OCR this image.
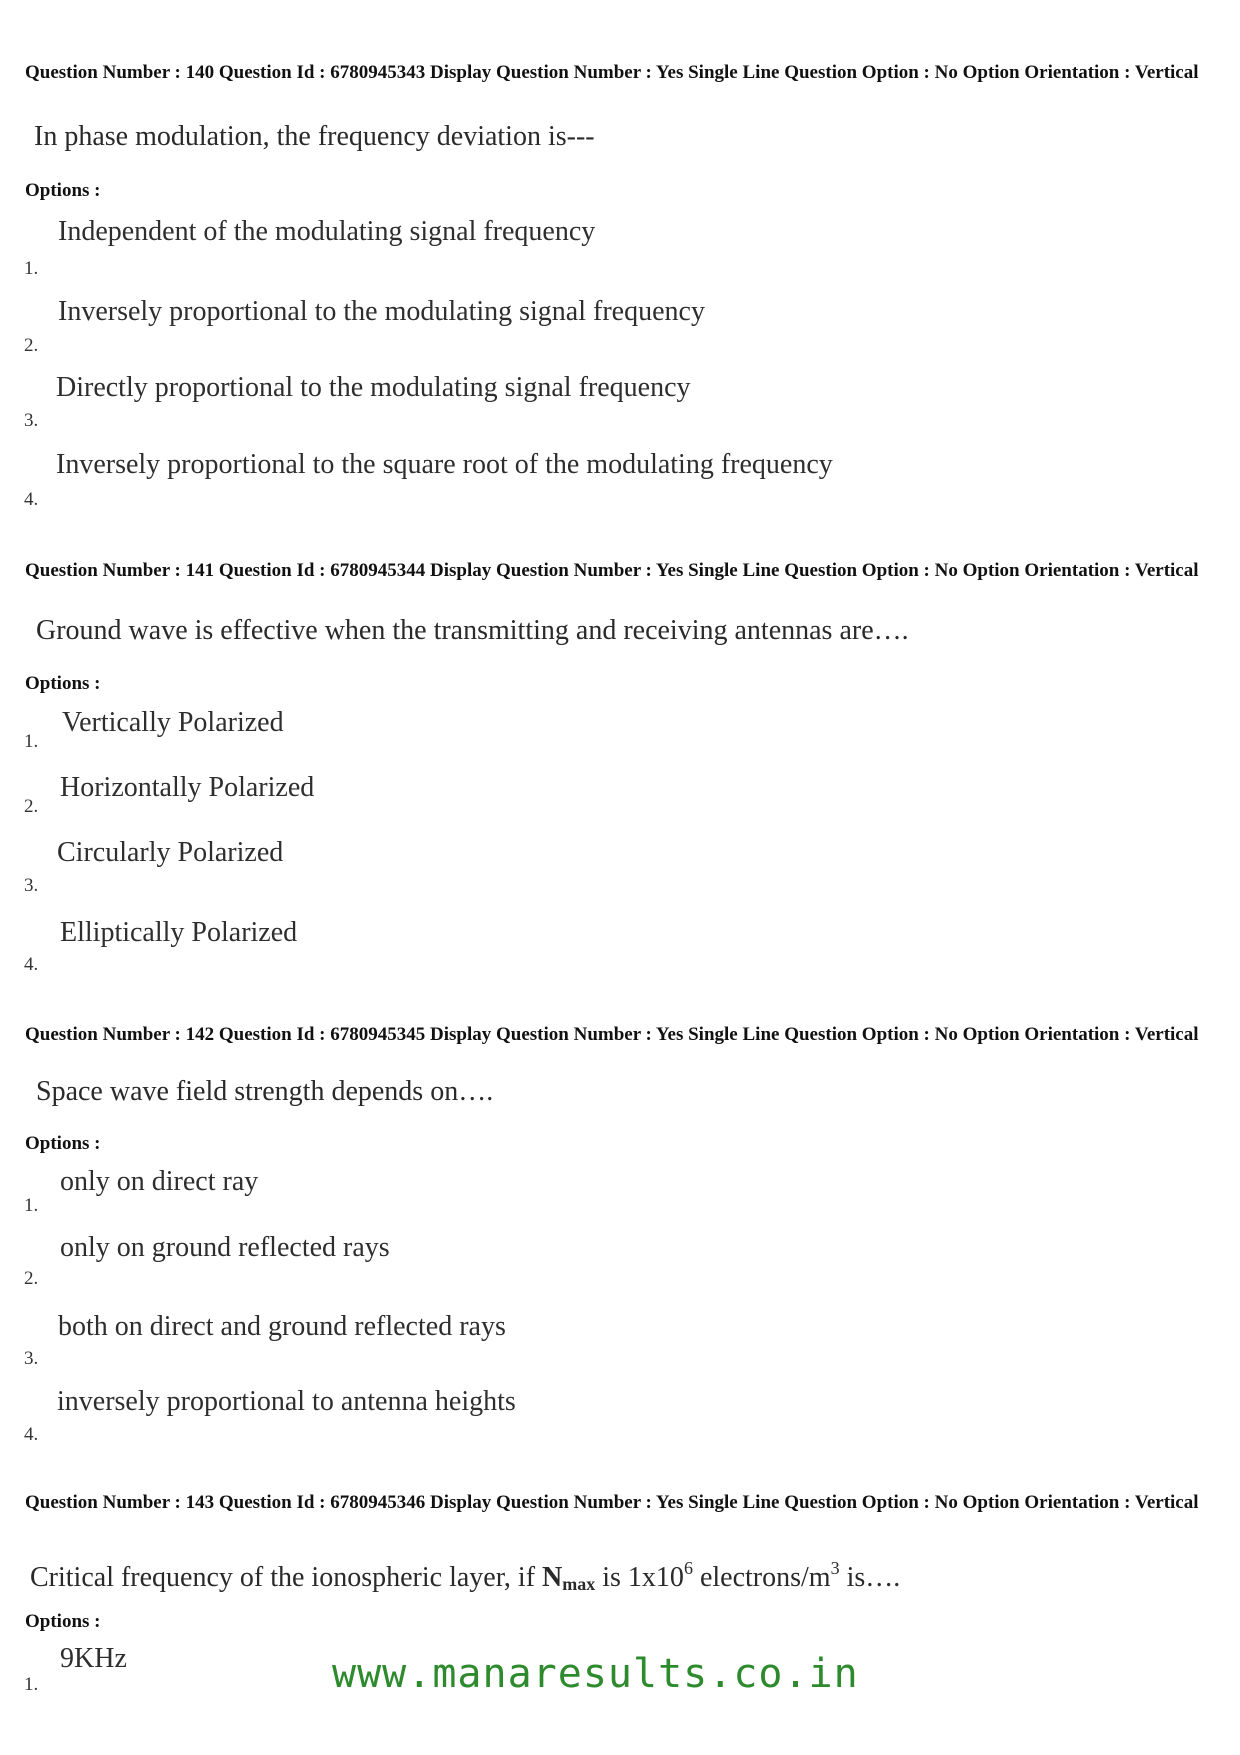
Question Number : 140 Question Id : 6780945343 Display Question Number : Yes Single Line Question Option : No Option Orientation : Vertical
In phase modulation, the frequency deviation is---
Options :
Independent of the modulating signal frequency
1.
Inversely proportional to the modulating signal frequency
2.
Directly proportional to the modulating signal frequency
3.
Inversely proportional to the square root of the modulating frequency
4.
Question Number : 141 Question Id : 6780945344 Display Question Number : Yes Single Line Question Option : No Option Orientation : Vertical
Ground wave is effective when the transmitting and receiving antennas are….
Options :
Vertically Polarized
1.
Horizontally Polarized
2.
Circularly Polarized
3.
Elliptically Polarized
4.
Question Number : 142 Question Id : 6780945345 Display Question Number : Yes Single Line Question Option : No Option Orientation : Vertical
Space wave field strength depends on….
Options :
only on direct ray
1.
only on ground reflected rays
2.
both on direct and ground reflected rays
3.
inversely proportional to antenna heights
4.
Question Number : 143 Question Id : 6780945346 Display Question Number : Yes Single Line Question Option : No Option Orientation : Vertical
Critical frequency of the ionospheric layer, if $N_{max}$ is $1x10^6$ electrons/$m^3$ is….
Options :
9KHz
1.	www.manaresults.co.in
